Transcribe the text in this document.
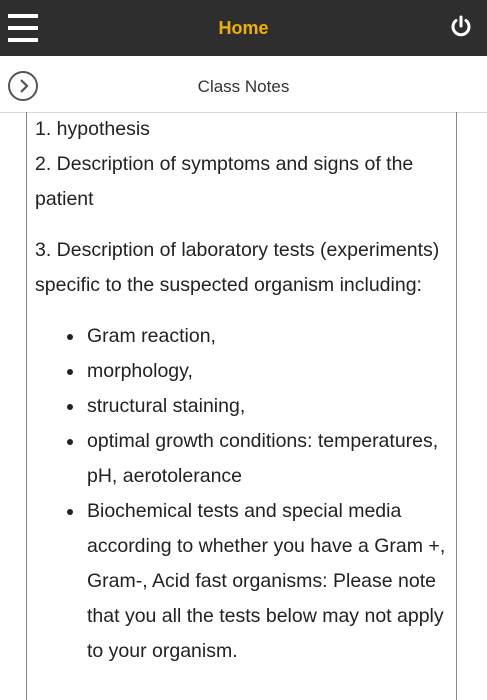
Home
Class Notes

1. hypothesis

2. Description of symptoms and signs of the patient

3. Description of laboratory tests (experiments) specific to the suspected organism including:

• Gram reaction,
• morphology,
• structural staining,
• optimal growth conditions: temperatures, pH, aerotolerance
• Biochemical tests and special media according to whether you have a Gram +, Gram-, Acid fast organisms: Please note that you all the tests below may not apply to your organism.
